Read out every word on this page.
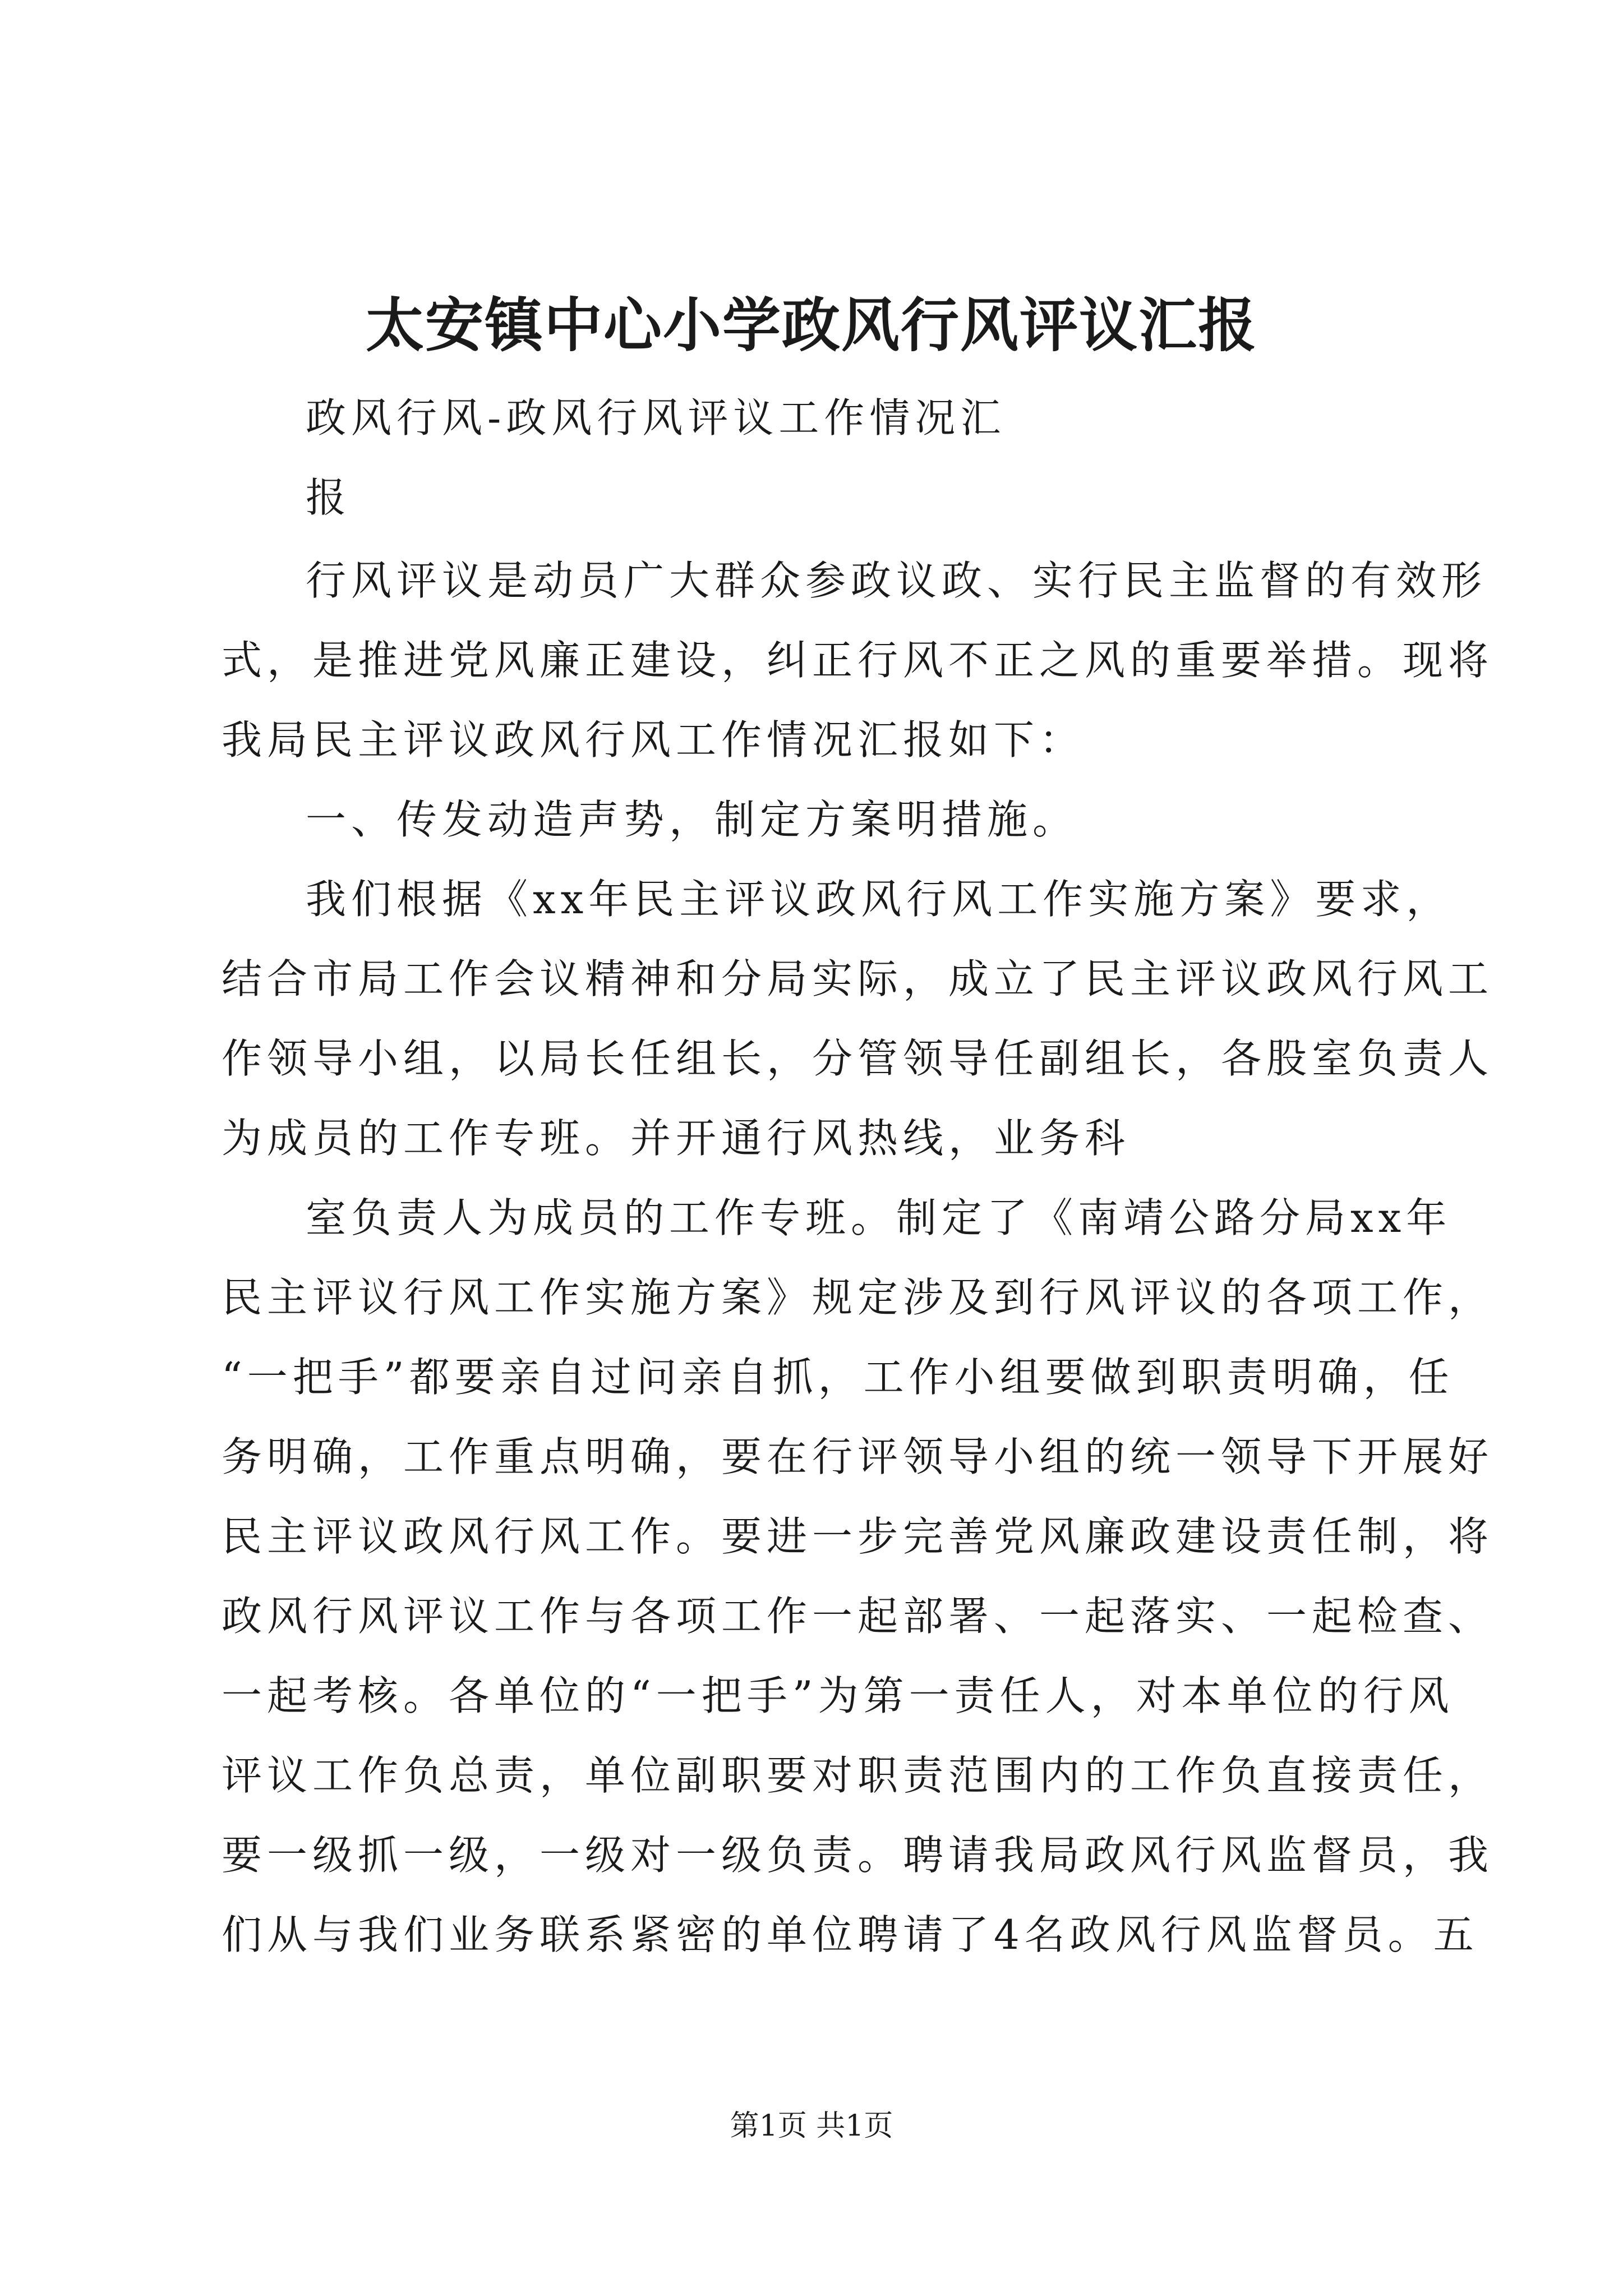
太安镇中心小学政风行风评议汇报
政风行风-政风行风评议工作情况汇
报
行风评议是动员广大群众参政议政、实行民主监督的有效形
式，是推进党风廉正建设，纠正行风不正之风的重要举措。现将
我局民主评议政风行风工作情况汇报如下：
一、传发动造声势，制定方案明措施。
我们根据《xx年民主评议政风行风工作实施方案》要求，
结合市局工作会议精神和分局实际，成立了民主评议政风行风工
作领导小组，以局长任组长，分管领导任副组长，各股室负责人
为成员的工作专班。并开通行风热线，业务科
室负责人为成员的工作专班。制定了《南靖公路分局xx年
民主评议行风工作实施方案》规定涉及到行风评议的各项工作，
“一把手”都要亲自过问亲自抓，工作小组要做到职责明确，任
务明确，工作重点明确，要在行评领导小组的统一领导下开展好
民主评议政风行风工作。要进一步完善党风廉政建设责任制，将
政风行风评议工作与各项工作一起部署、一起落实、一起检查、
一起考核。各单位的“一把手”为第一责任人，对本单位的行风
评议工作负总责，单位副职要对职责范围内的工作负直接责任，
要一级抓一级，一级对一级负责。聘请我局政风行风监督员，我
们从与我们业务联系紧密的单位聘请了4名政风行风监督员。五
第1页 共1页
